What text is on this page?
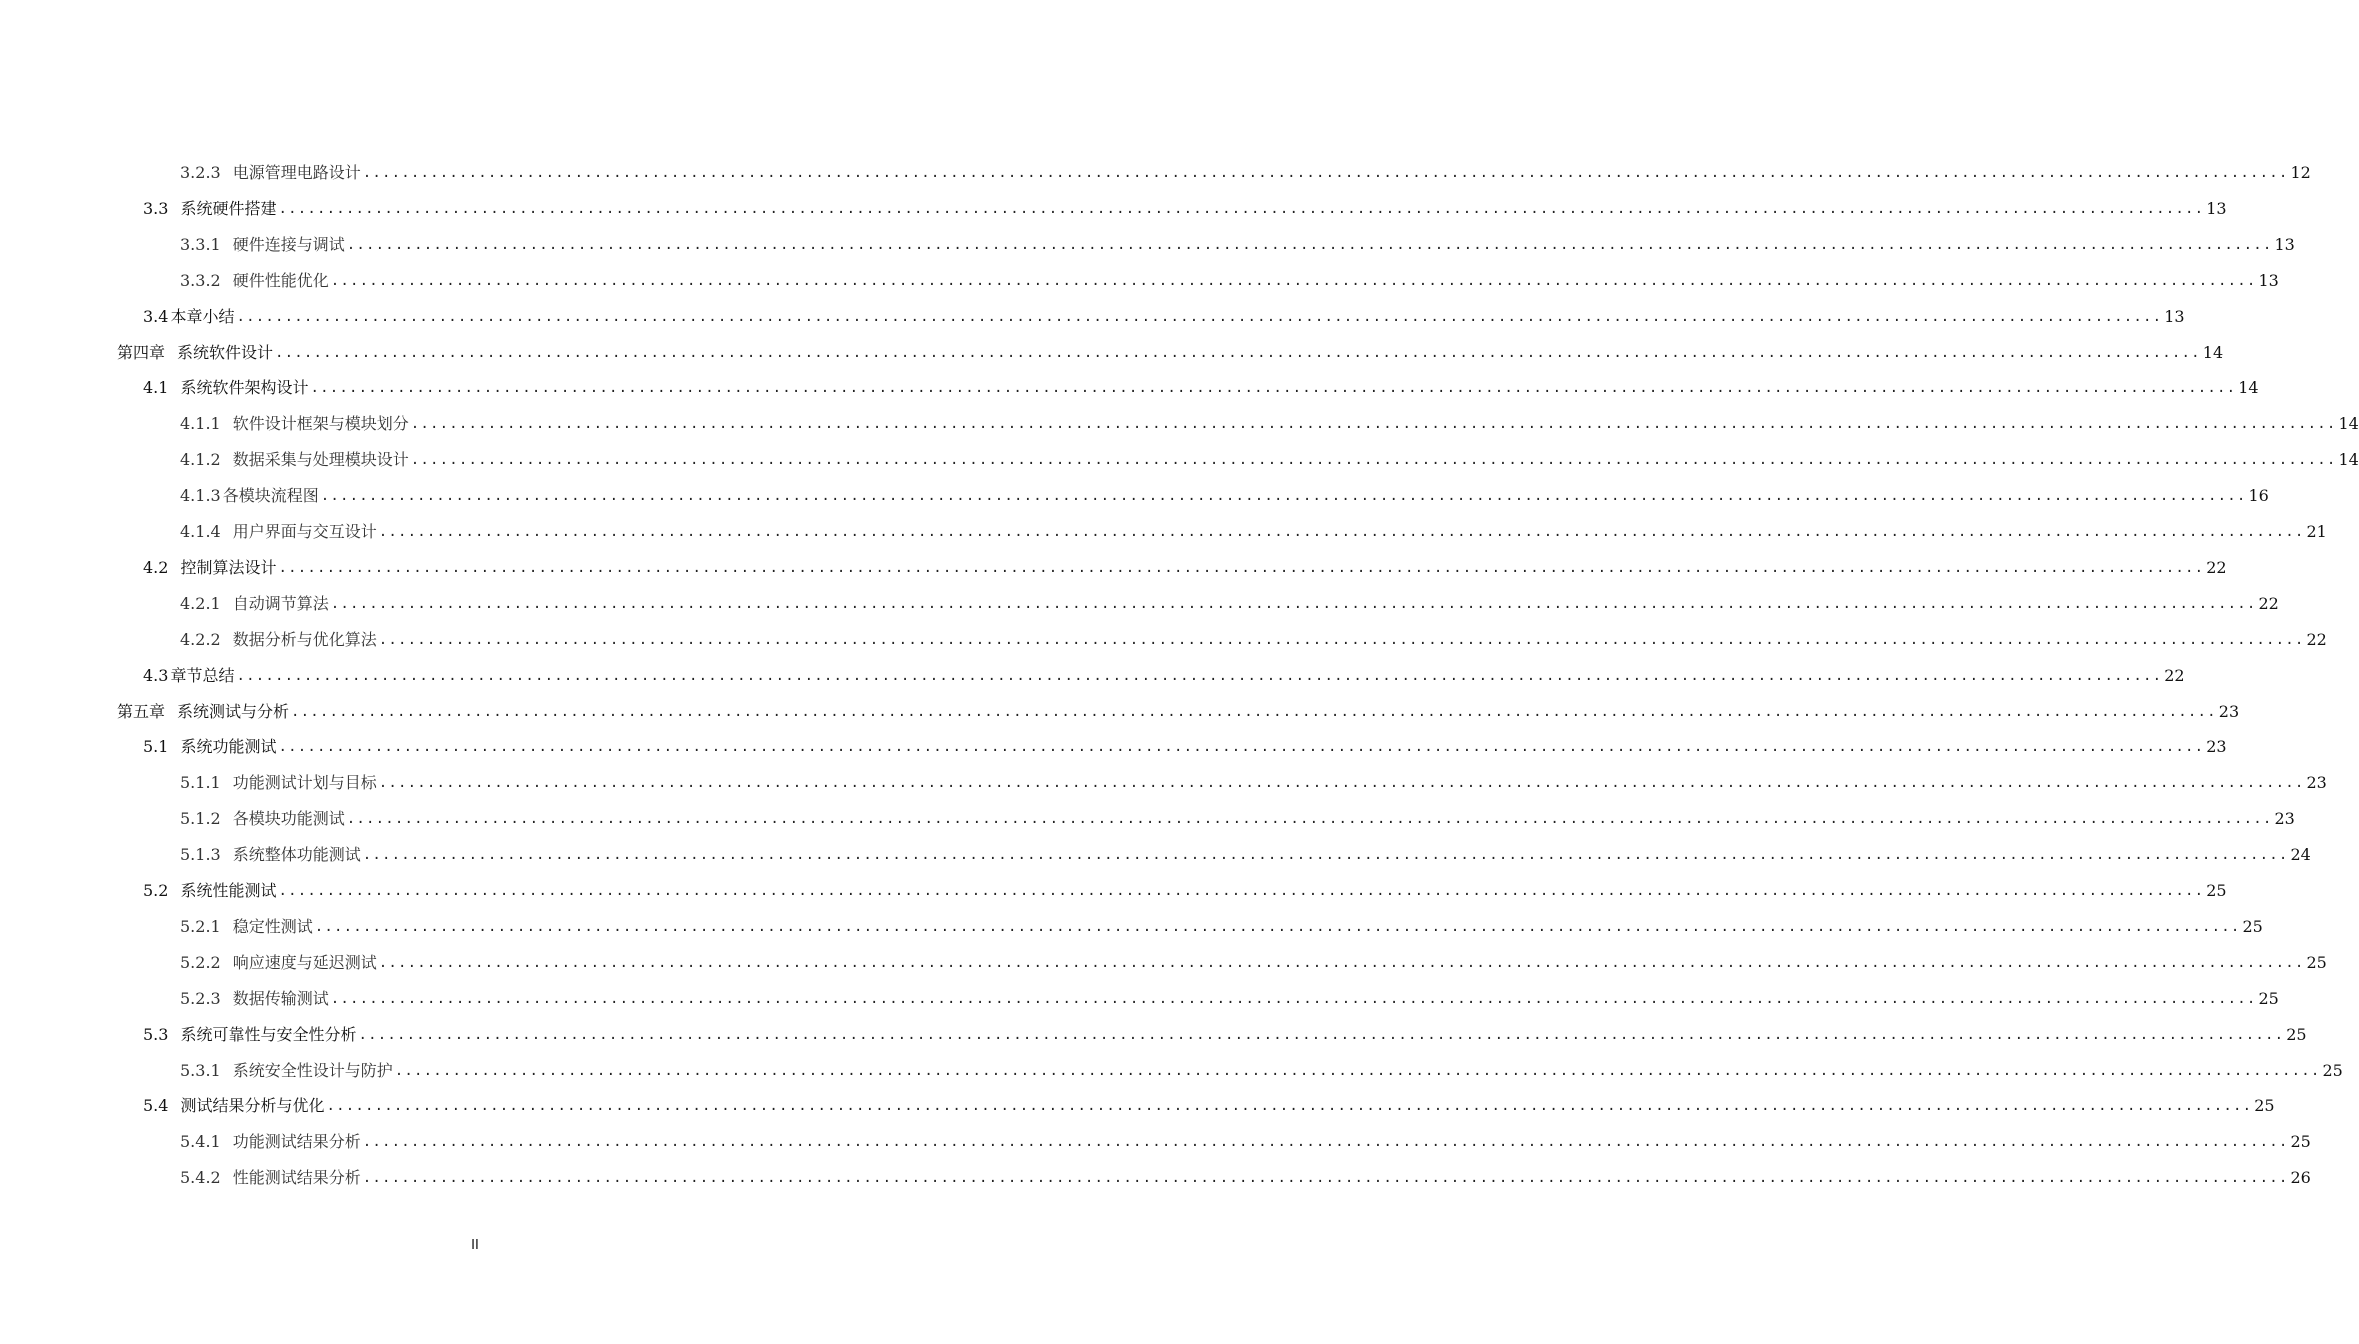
3.2.3 电源管理电路设计 ........................................................................................................................................................................................................ 12
3.3 系统硬件搭建 ........................................................................................................................................................................................................ 13
3.3.1 硬件连接与调试 ........................................................................................................................................................................................................ 13
3.3.2 硬件性能优化 ........................................................................................................................................................................................................ 13
3.4 本章小结 ........................................................................................................................................................................................................ 13
第四章 系统软件设计 ........................................................................................................................................................................................................ 14
4.1 系统软件架构设计 ........................................................................................................................................................................................................ 14
4.1.1 软件设计框架与模块划分 ........................................................................................................................................................................................................ 14
4.1.2 数据采集与处理模块设计 ........................................................................................................................................................................................................ 14
4.1.3 各模块流程图 ........................................................................................................................................................................................................ 16
4.1.4 用户界面与交互设计 ........................................................................................................................................................................................................ 21
4.2 控制算法设计 ........................................................................................................................................................................................................ 22
4.2.1 自动调节算法 ........................................................................................................................................................................................................ 22
4.2.2 数据分析与优化算法 ........................................................................................................................................................................................................ 22
4.3 章节总结 ........................................................................................................................................................................................................ 22
第五章 系统测试与分析 ........................................................................................................................................................................................................ 23
5.1 系统功能测试 ........................................................................................................................................................................................................ 23
5.1.1 功能测试计划与目标 ........................................................................................................................................................................................................ 23
5.1.2 各模块功能测试 ........................................................................................................................................................................................................ 23
5.1.3 系统整体功能测试 ........................................................................................................................................................................................................ 24
5.2 系统性能测试 ........................................................................................................................................................................................................ 25
5.2.1 稳定性测试 ........................................................................................................................................................................................................ 25
5.2.2 响应速度与延迟测试 ........................................................................................................................................................................................................ 25
5.2.3 数据传输测试 ........................................................................................................................................................................................................ 25
5.3 系统可靠性与安全性分析 ........................................................................................................................................................................................................ 25
5.3.1 系统安全性设计与防护 ........................................................................................................................................................................................................ 25
5.4 测试结果分析与优化 ........................................................................................................................................................................................................ 25
5.4.1 功能测试结果分析 ........................................................................................................................................................................................................ 25
5.4.2 性能测试结果分析 ........................................................................................................................................................................................................ 26
II
